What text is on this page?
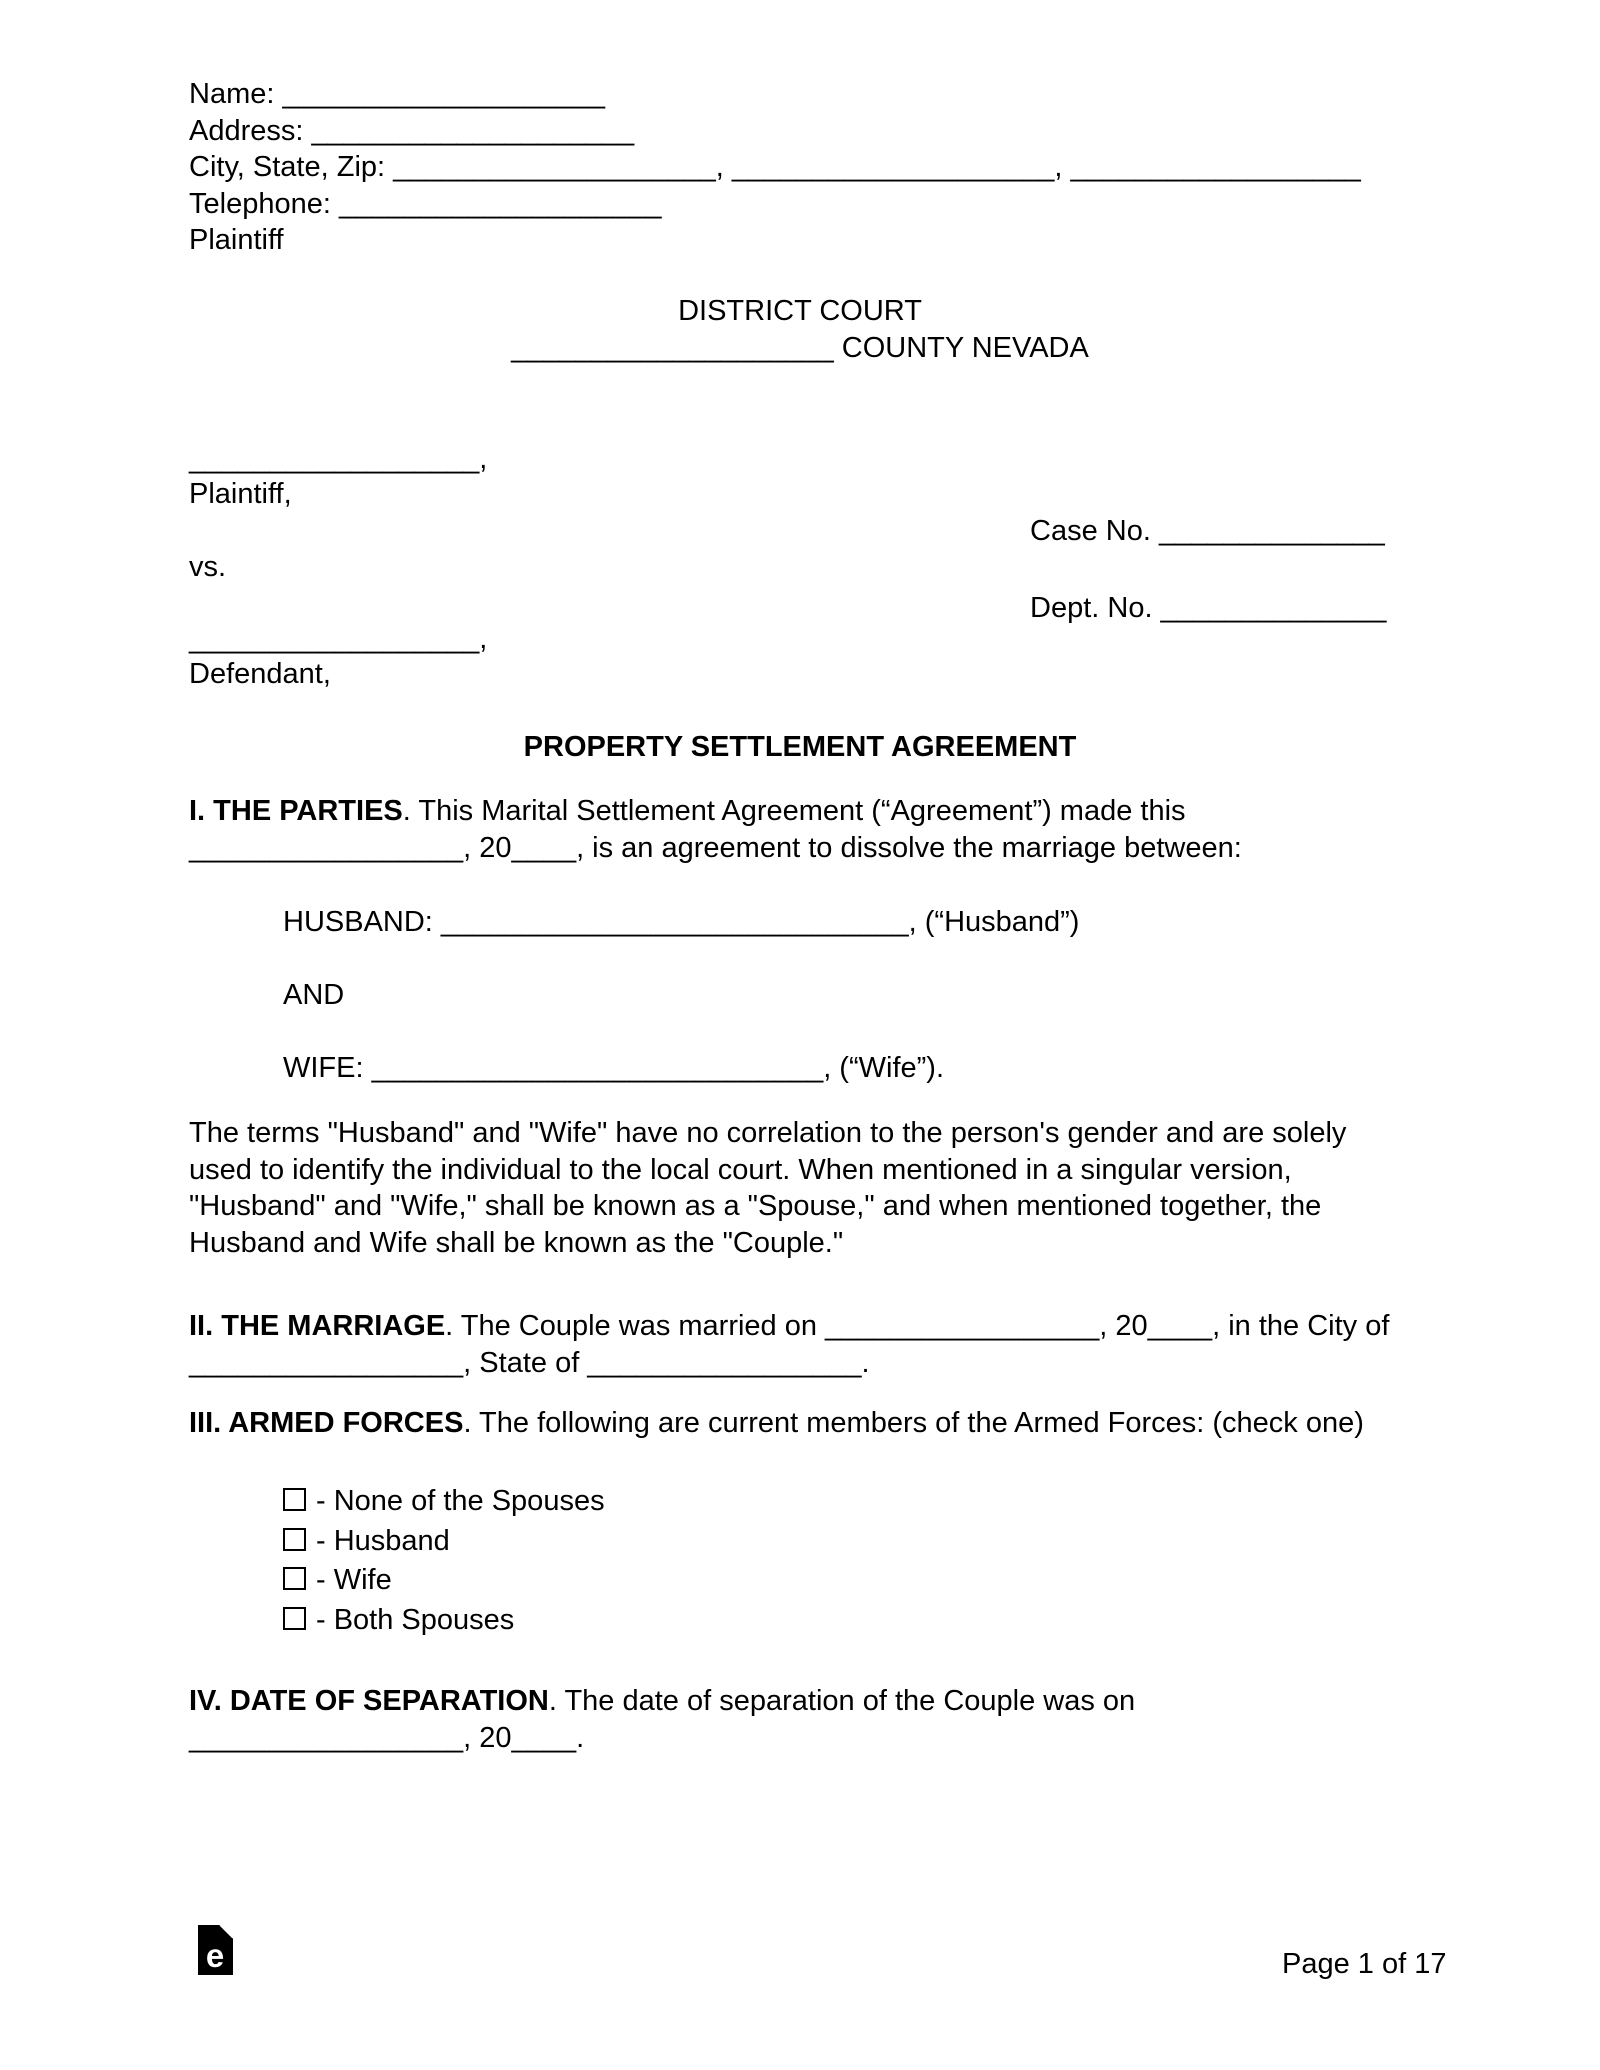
Name: ____________________
Address: ____________________
City, State, Zip: ____________________, ____________________, __________________
Telephone: ____________________
Plaintiff
DISTRICT COURT
____________________ COUNTY NEVADA
__________________,
Plaintiff,
Case No. ______________
vs.
Dept. No. ______________
__________________,
Defendant,
PROPERTY SETTLEMENT AGREEMENT
I. THE PARTIES. This Marital Settlement Agreement (“Agreement”) made this _________________, 20____, is an agreement to dissolve the marriage between:
HUSBAND: _____________________________, (“Husband”)
AND
WIFE: ____________________________, (“Wife”).
The terms "Husband" and "Wife" have no correlation to the person's gender and are solely used to identify the individual to the local court. When mentioned in a singular version, "Husband" and "Wife," shall be known as a "Spouse," and when mentioned together, the Husband and Wife shall be known as the "Couple."
II. THE MARRIAGE. The Couple was married on _________________, 20____, in the City of _________________, State of _________________.
III. ARMED FORCES. The following are current members of the Armed Forces: (check one)
- None of the Spouses
- Husband
- Wife
- Both Spouses
IV. DATE OF SEPARATION. The date of separation of the Couple was on _________________, 20____.
e	Page 1 of 17
